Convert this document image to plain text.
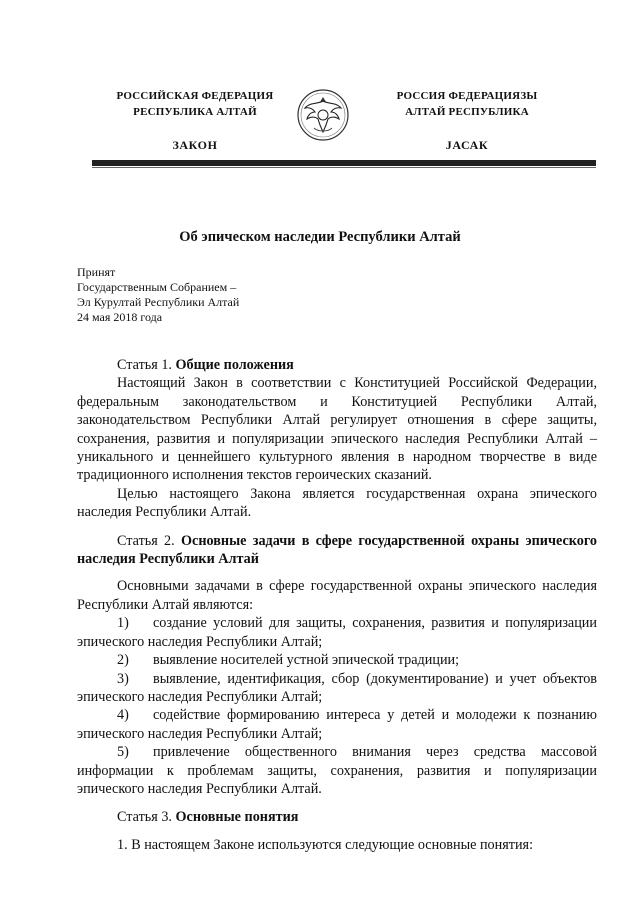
РОССИЙСКАЯ ФЕДЕРАЦИЯ
РЕСПУБЛИКА АЛТАЙ
ЗАКОН
РОССИЯ ФЕДЕРАЦИЯЗЫ
АЛТАЙ РЕСПУБЛИКА
JАСАК
Об эпическом наследии Республики Алтай
Принят
Государственным Собранием –
Эл Курултай Республики Алтай
24 мая 2018 года

Статья 1. Общие положения

Настоящий Закон в соответствии с Конституцией Российской Федерации, федеральным законодательством и Конституцией Республики Алтай, законодательством Республики Алтай регулирует отношения в сфере защиты, сохранения, развития и популяризации эпического наследия Республики Алтай – уникального и ценнейшего культурного явления в народном творчестве в виде традиционного исполнения текстов героических сказаний.

Целью настоящего Закона является государственная охрана эпического наследия Республики Алтай.

Статья 2. Основные задачи в сфере государственной охраны эпического наследия Республики Алтай

Основными задачами в сфере государственной охраны эпического наследия Республики Алтай являются:

1) создание условий для защиты, сохранения, развития и популяризации эпического наследия Республики Алтай;

2) выявление носителей устной эпической традиции;

3) выявление, идентификация, сбор (документирование) и учет объектов эпического наследия Республики Алтай;

4) содействие формированию интереса у детей и молодежи к познанию эпического наследия Республики Алтай;

5) привлечение общественного внимания через средства массовой информации к проблемам защиты, сохранения, развития и популяризации эпического наследия Республики Алтай.

Статья 3. Основные понятия

1. В настоящем Законе используются следующие основные понятия:
